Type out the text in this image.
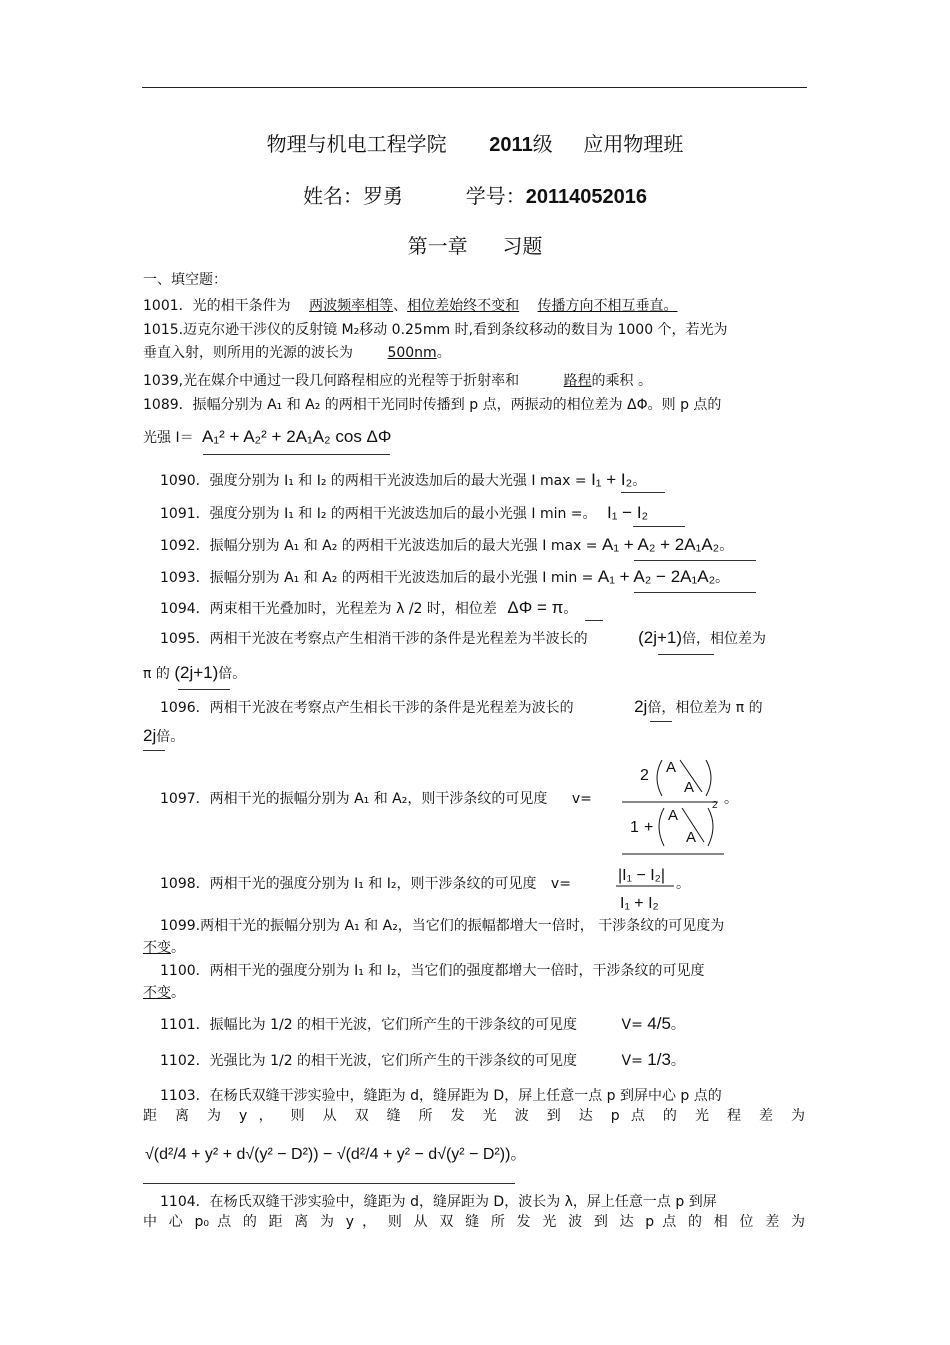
物理与机电工程学院 2011级 应用物理班
姓名：罗勇	学号：20114052016
第一章 习题
一、填空题：
1001．光的相干条件为 两波频率相等、相位差始终不变和 传播方向不相互垂直。
1015.迈克尔逊干涉仪的反射镜 M₂移动 0.25mm 时,看到条纹移动的数目为 1000 个，若光为
垂直入射，则所用的光源的波长为 500nm。
1039,光在媒介中通过一段几何路程相应的光程等于折射率和	路程的乘积 。
1089．振幅分别为 A₁ 和 A₂ 的两相干光同时传播到 p 点，两振动的相位差为 ΔΦ。则 p 点的
光强 I＝ A₁² + A₂² + 2A₁A₂ cos ΔΦ
1090．强度分别为 I₁ 和 I₂ 的两相干光波迭加后的最大光强 I max = I₁ + I₂。
1091．强度分别为 I₁ 和 I₂ 的两相干光波迭加后的最小光强 I min =。 I₁ − I₂
1092．振幅分别为 A₁ 和 A₂ 的两相干光波迭加后的最大光强 I max = A₁ + A₂ + 2A₁A₂。
1093．振幅分别为 A₁ 和 A₂ 的两相干光波迭加后的最小光强 I min = A₁ + A₂ − 2A₁A₂。
1094．两束相干光叠加时，光程差为 λ /2 时，相位差 ΔΦ = π。
1095．两相干光波在考察点产生相消干涉的条件是光程差为半波长的	(2j+1)倍，相位差为
π 的 (2j+1)倍。
1096．两相干光波在考察点产生相长干涉的条件是光程差为波长的	2j倍，相位差为 π 的
2j倍。
1097．两相干光的振幅分别为 A₁ 和 A₂，则干涉条纹的可见度 v=
2 A
A
1 +
A
A
2 。
1098．两相干光的强度分别为 I₁ 和 I₂，则干涉条纹的可见度 v=	|I₁ − I₂|
I₁ + I₂
。
1099.两相干光的振幅分别为 A₁ 和 A₂，当它们的振幅都增大一倍时， 干涉条纹的可见度为
不变。
1100．两相干光的强度分别为 I₁ 和 I₂，当它们的强度都增大一倍时，干涉条纹的可见度
不变。
1101．振幅比为 1/2 的相干光波，它们所产生的干涉条纹的可见度	V= 4/5。
1102．光强比为 1/2 的相干光波，它们所产生的干涉条纹的可见度	V= 1/3。
1103．在杨氏双缝干涉实验中，缝距为 d，缝屏距为 D，屏上任意一点 p 到屏中心 p 点的
距 离 为 y ， 则 从 双 缝 所 发 光 波 到 达 p 点 的 光 程 差 为
√(d²/4 + y² + d√(y² − D²)) − √(d²/4 + y² − d√(y² − D²))。
1104．在杨氏双缝干涉实验中，缝距为 d，缝屏距为 D，波长为 λ，屏上任意一点 p 到屏
中 心 p₀ 点 的 距 离 为 y ， 则 从 双 缝 所 发 光 波 到 达 p 点 的 相 位 差 为
